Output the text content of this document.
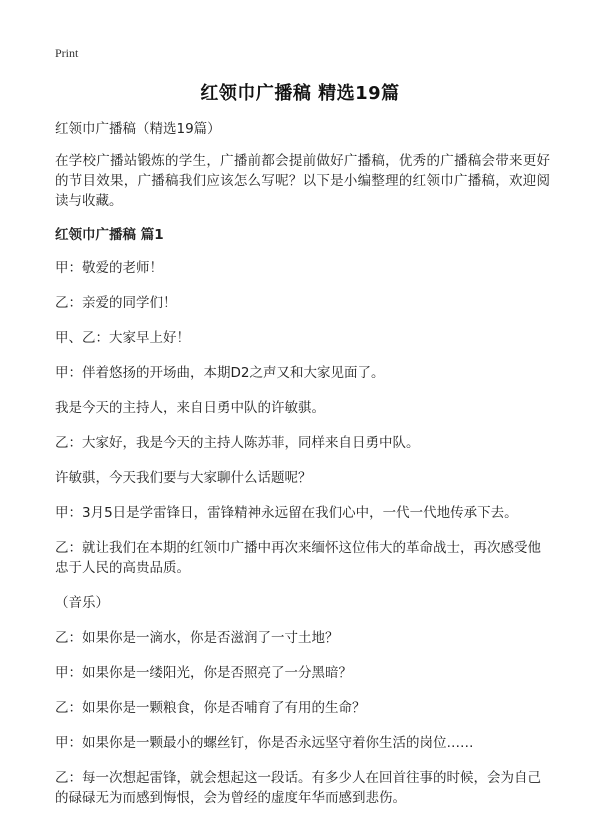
Print
红领巾广播稿 精选19篇

红领巾广播稿（精选19篇）

在学校广播站锻炼的学生，广播前都会提前做好广播稿，优秀的广播稿会带来更好的节目效果，广播稿我们应该怎么写呢？以下是小编整理的红领巾广播稿，欢迎阅读与收藏。

红领巾广播稿 篇1

甲：敬爱的老师！

乙：亲爱的同学们！

甲、乙：大家早上好！

甲：伴着悠扬的开场曲，本期D2之声又和大家见面了。

我是今天的主持人，来自日勇中队的许敏骐。

乙：大家好，我是今天的主持人陈苏菲，同样来自日勇中队。

许敏骐，今天我们要与大家聊什么话题呢？

甲：3月5日是学雷锋日，雷锋精神永远留在我们心中，一代一代地传承下去。

乙：就让我们在本期的红领巾广播中再次来缅怀这位伟大的革命战士，再次感受他忠于人民的高贵品质。

（音乐）

乙：如果你是一滴水，你是否滋润了一寸土地？

甲：如果你是一缕阳光，你是否照亮了一分黑暗？

乙：如果你是一颗粮食，你是否哺育了有用的生命？

甲：如果你是一颗最小的螺丝钉，你是否永远坚守着你生活的岗位……

乙：每一次想起雷锋，就会想起这一段话。有多少人在回首往事的时候，会为自己的碌碌无为而感到悔恨，会为曾经的虚度年华而感到悲伤。
